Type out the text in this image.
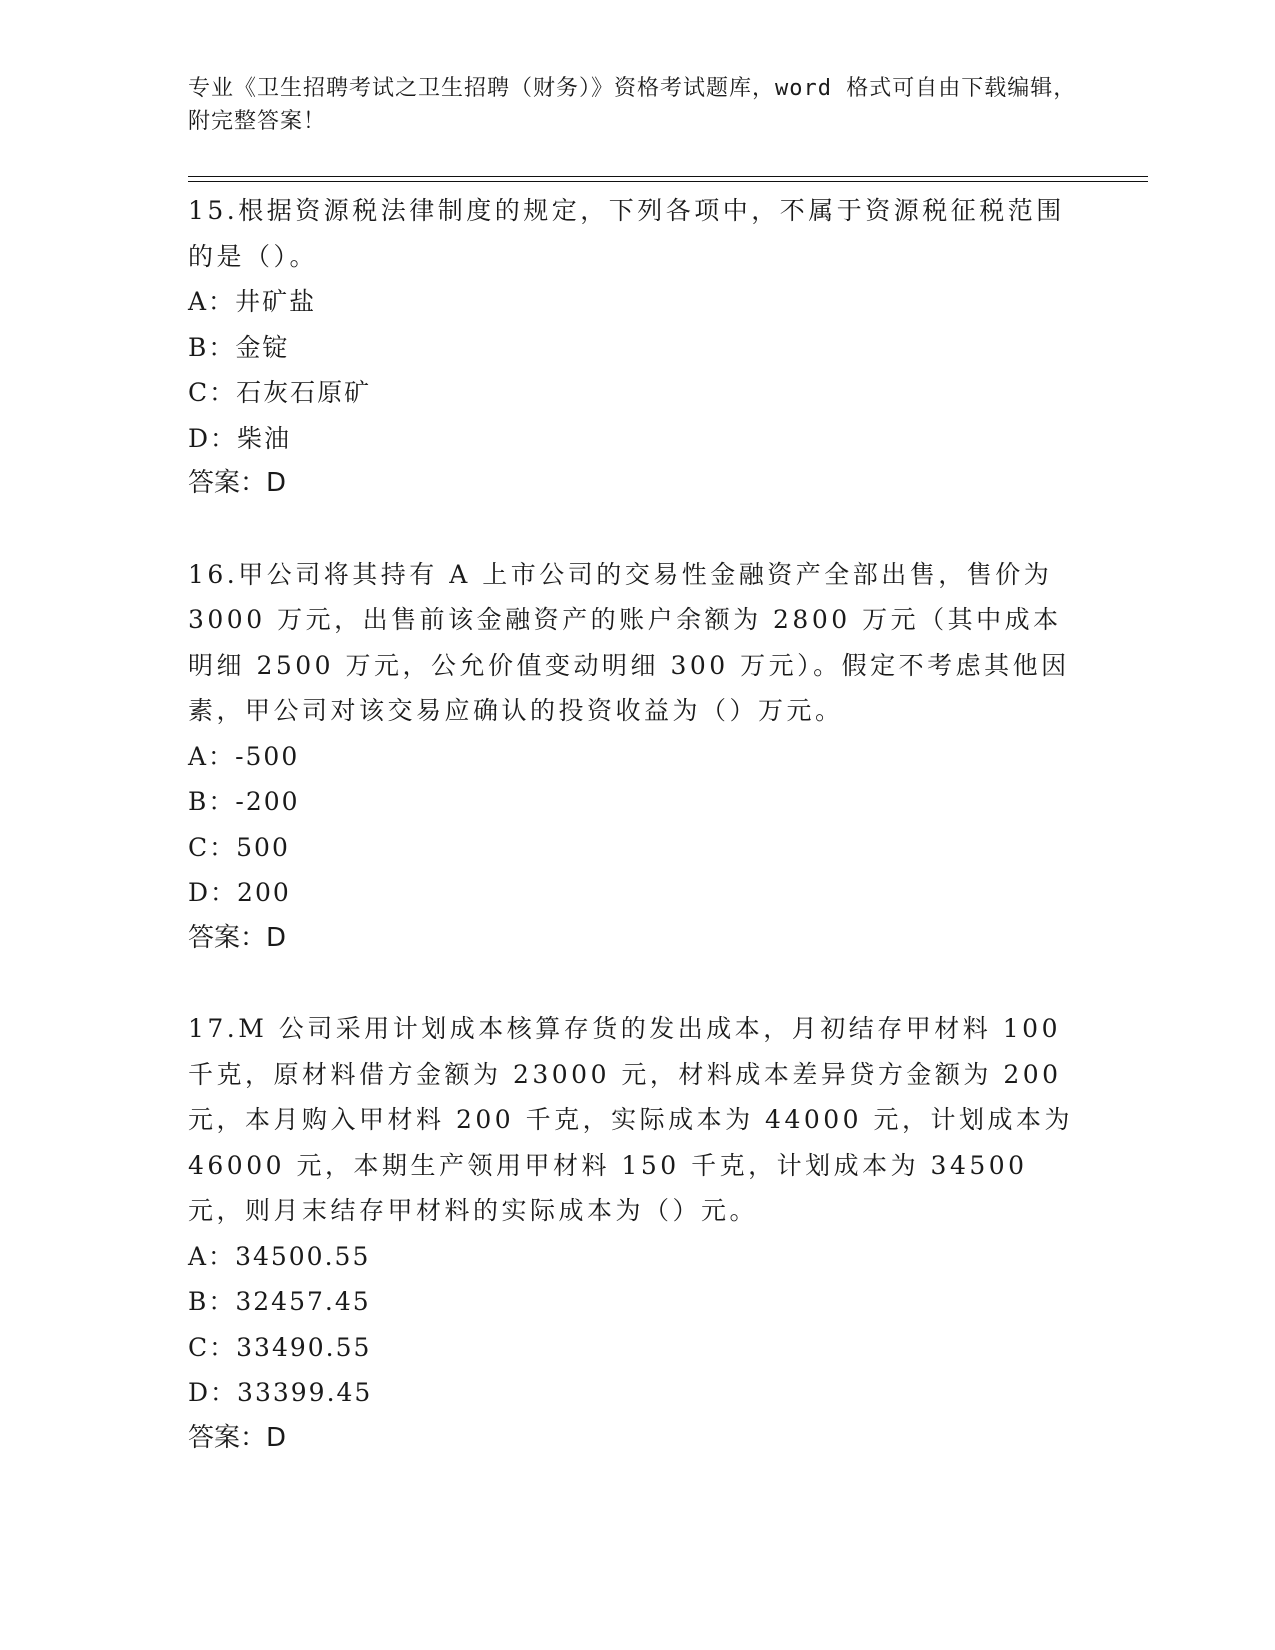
专业《卫生招聘考试之卫生招聘（财务）》资格考试题库，word 格式可自由下载编辑，附完整答案！

15.根据资源税法律制度的规定，下列各项中，不属于资源税征税范围的是（）。

A： 井矿盐

B： 金锭

C： 石灰石原矿

D： 柴油

答案：D

16.甲公司将其持有 A 上市公司的交易性金融资产全部出售，售价为 3000 万元，出售前该金融资产的账户余额为 2800 万元（其中成本明细 2500 万元，公允价值变动明细 300 万元）。假定不考虑其他因素，甲公司对该交易应确认的投资收益为（）万元。

A： -500

B： -200

C： 500

D： 200

答案：D

17.M 公司采用计划成本核算存货的发出成本，月初结存甲材料 100 千克，原材料借方金额为 23000 元，材料成本差异贷方金额为 200 元，本月购入甲材料 200 千克，实际成本为 44000 元，计划成本为 46000 元，本期生产领用甲材料 150 千克，计划成本为 34500 元，则月末结存甲材料的实际成本为（）元。

A： 34500.55

B： 32457.45

C： 33490.55

D： 33399.45

答案：D
